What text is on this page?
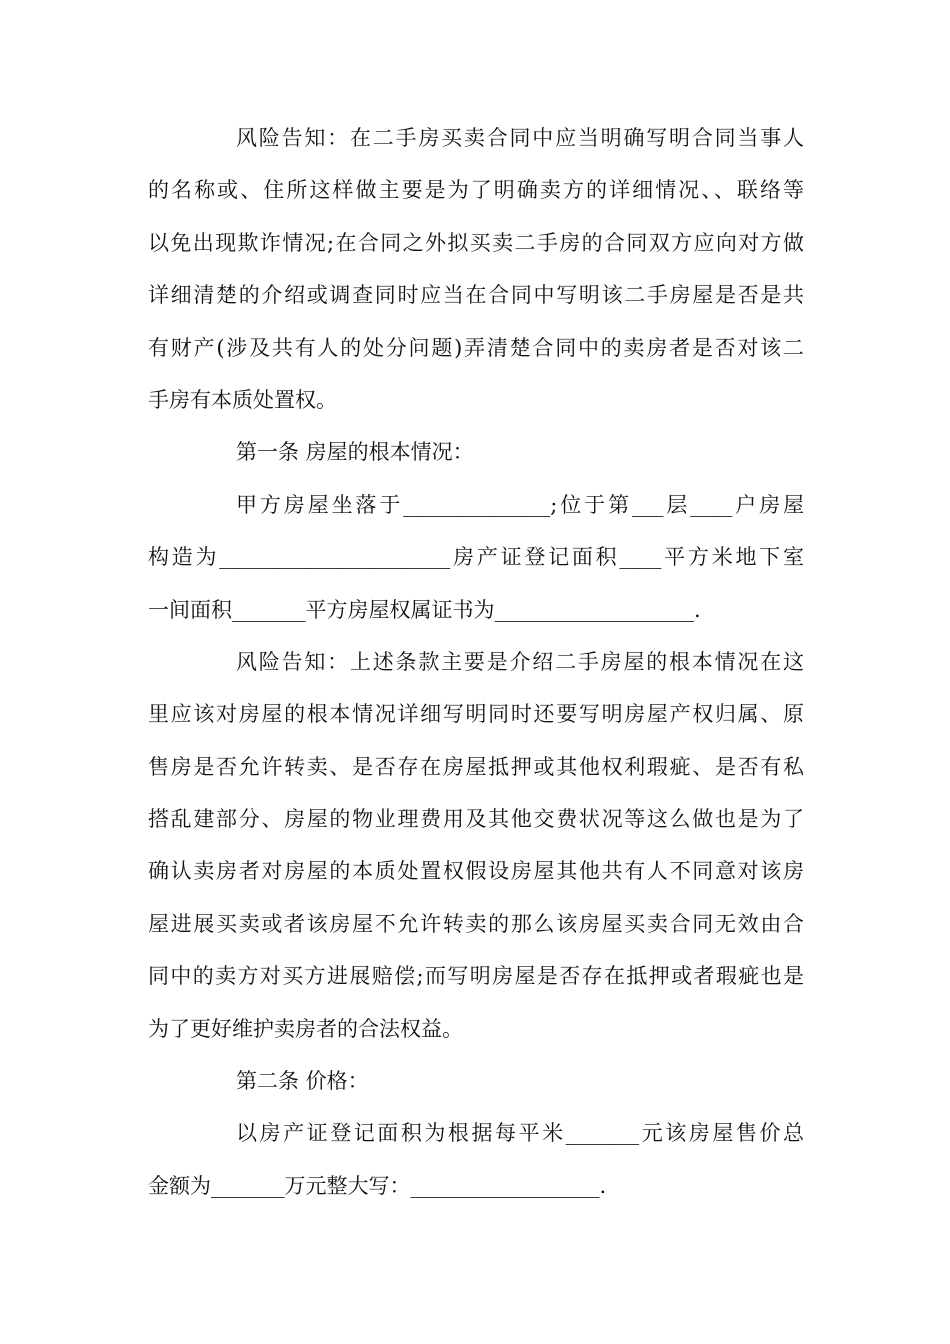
风险告知：在二手房买卖合同中应当明确写明合同当事人
的名称或、住所这样做主要是为了明确卖方的详细情况、、联络等
以免出现欺诈情况;在合同之外拟买卖二手房的合同双方应向对方做
详细清楚的介绍或调查同时应当在合同中写明该二手房屋是否是共
有财产(涉及共有人的处分问题)弄清楚合同中的卖房者是否对该二
手房有本质处置权。
第一条 房屋的根本情况：
甲方房屋坐落于______________;位于第___层____户房屋
构造为______________________房产证登记面积____平方米地下室
一间面积_______平方房屋权属证书为___________________.
风险告知：上述条款主要是介绍二手房屋的根本情况在这
里应该对房屋的根本情况详细写明同时还要写明房屋产权归属、原
售房是否允许转卖、是否存在房屋抵押或其他权利瑕疵、是否有私
搭乱建部分、房屋的物业理费用及其他交费状况等这么做也是为了
确认卖房者对房屋的本质处置权假设房屋其他共有人不同意对该房
屋进展买卖或者该房屋不允许转卖的那么该房屋买卖合同无效由合
同中的卖方对买方进展赔偿;而写明房屋是否存在抵押或者瑕疵也是
为了更好维护卖房者的合法权益。
第二条 价格：
以房产证登记面积为根据每平米_______元该房屋售价总
金额为_______万元整大写：__________________.
